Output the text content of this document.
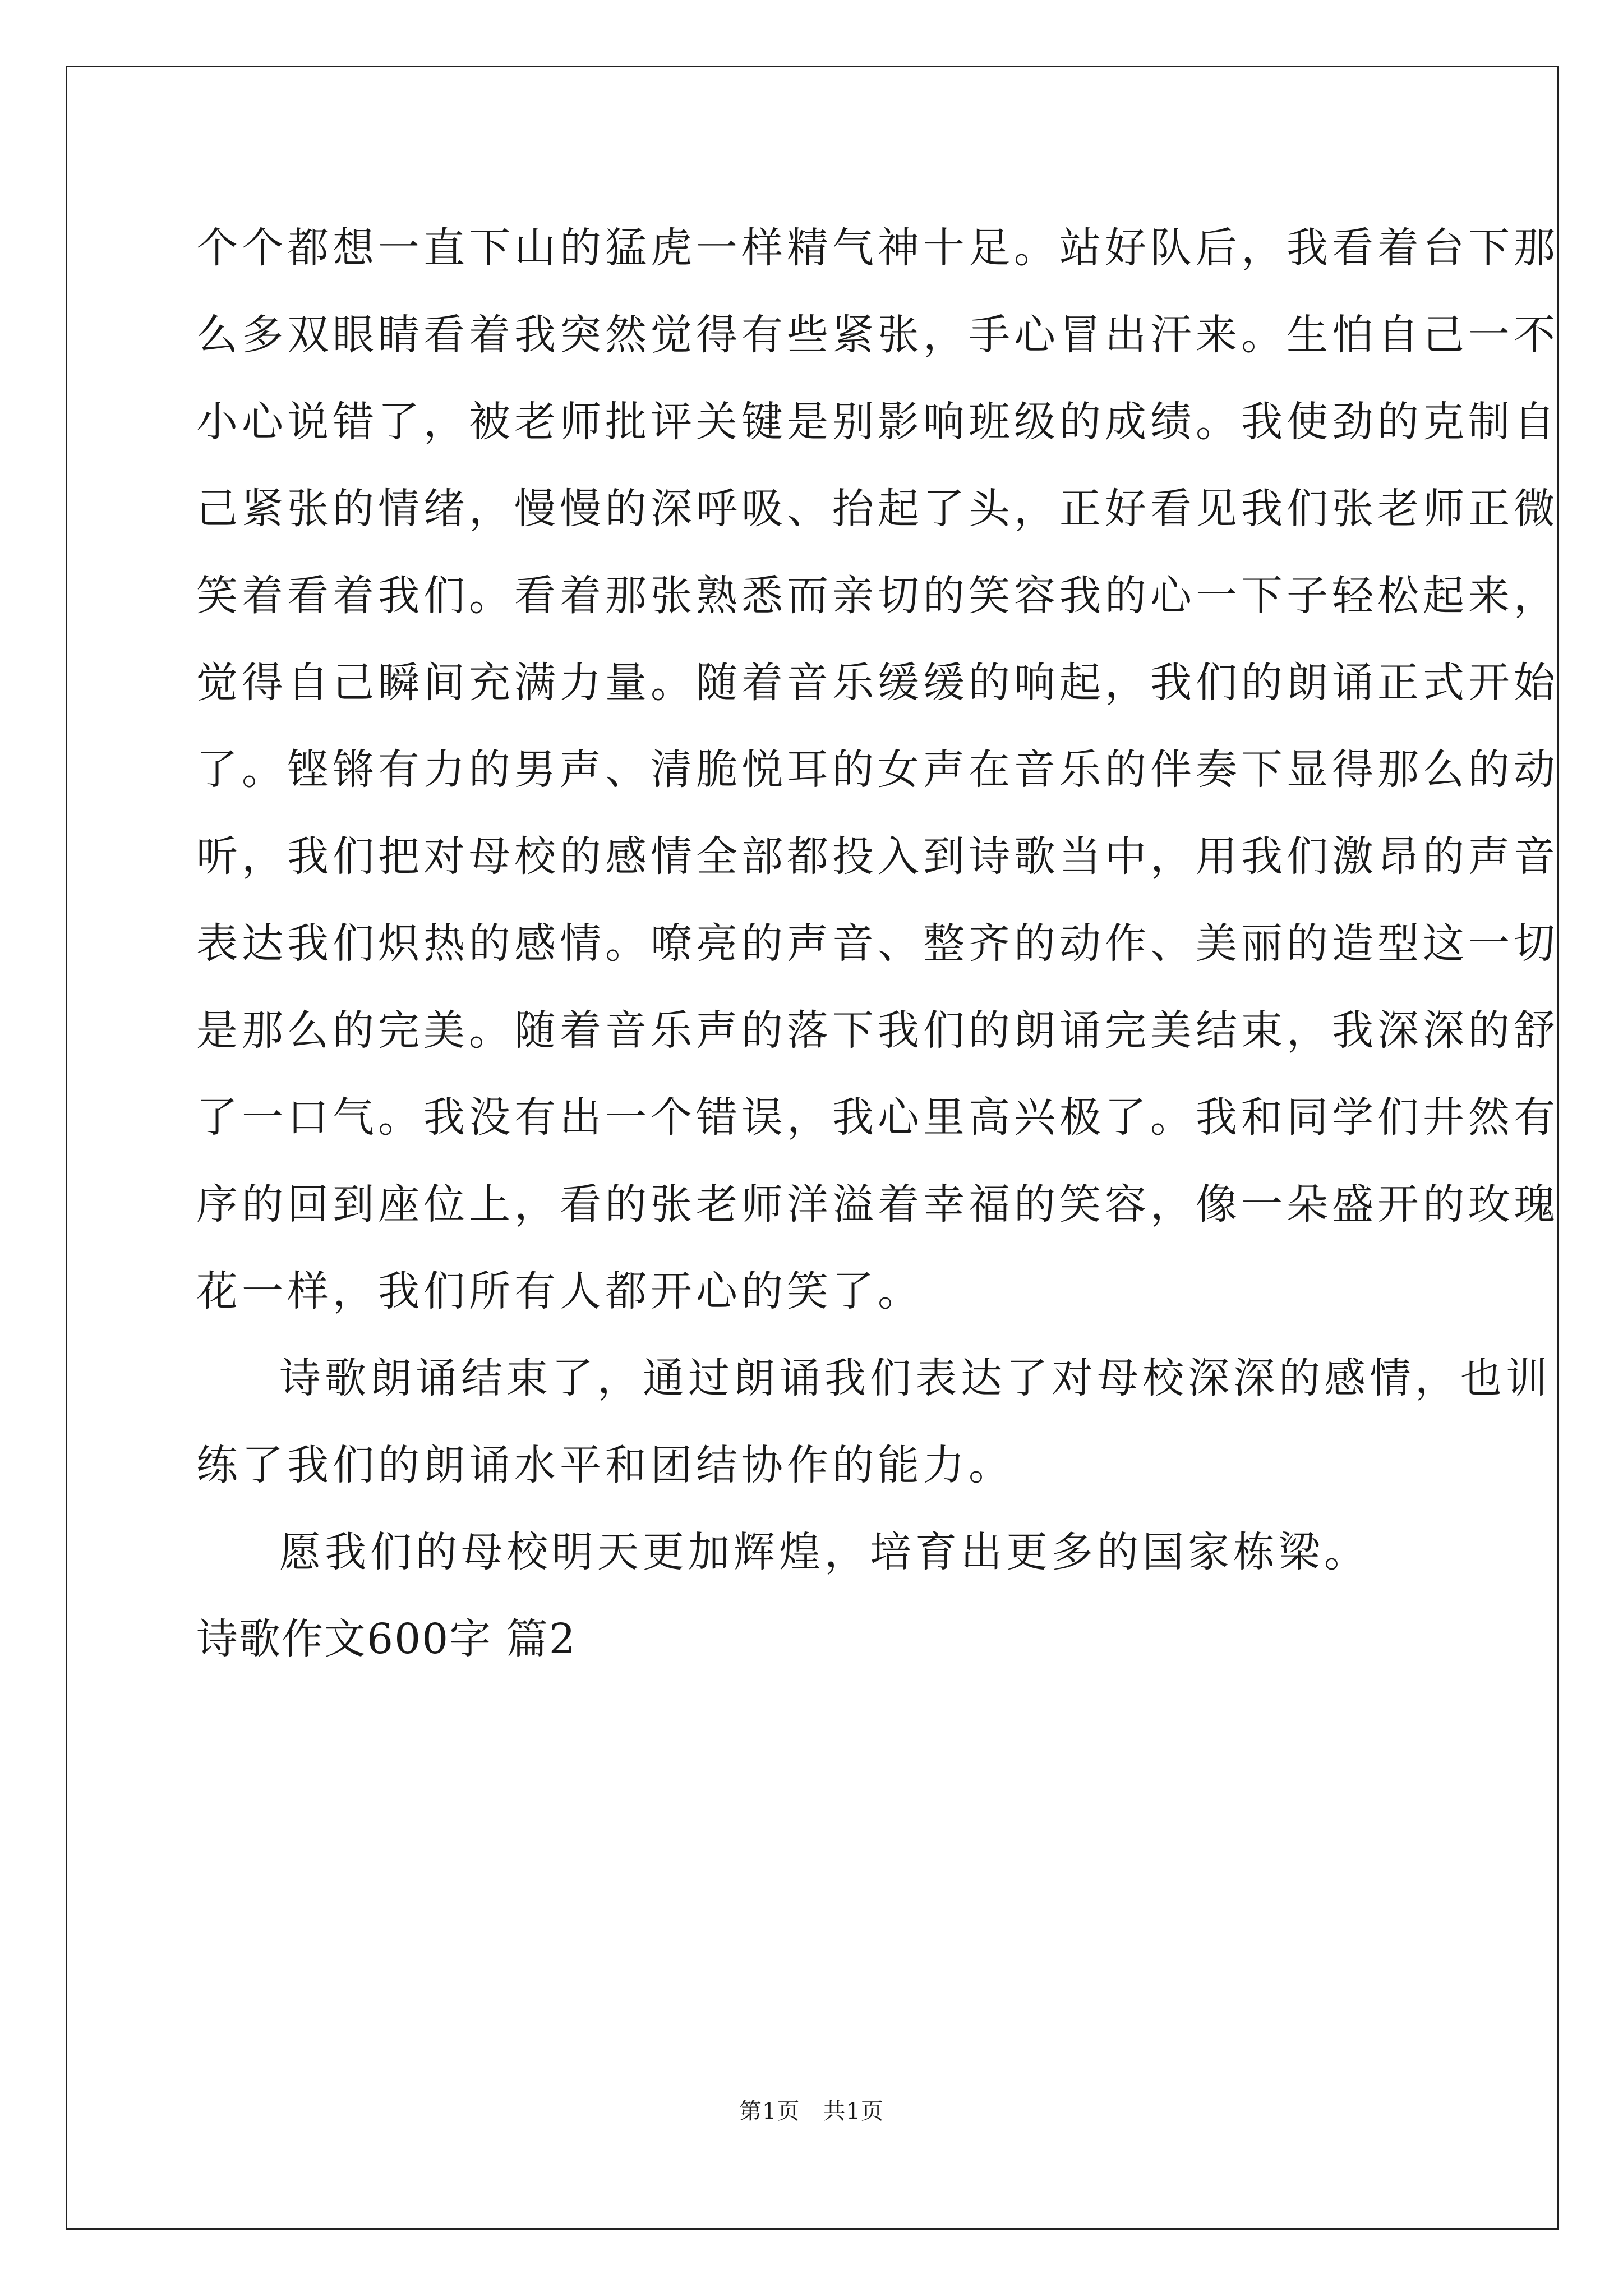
个个都想一直下山的猛虎一样精气神十足。站好队后，我看着台下那
么多双眼睛看着我突然觉得有些紧张，手心冒出汗来。生怕自己一不
小心说错了，被老师批评关键是别影响班级的成绩。我使劲的克制自
己紧张的情绪，慢慢的深呼吸、抬起了头，正好看见我们张老师正微
笑着看着我们。看着那张熟悉而亲切的笑容我的心一下子轻松起来，
觉得自己瞬间充满力量。随着音乐缓缓的响起，我们的朗诵正式开始
了。铿锵有力的男声、清脆悦耳的女声在音乐的伴奏下显得那么的动
听，我们把对母校的感情全部都投入到诗歌当中，用我们激昂的声音
表达我们炽热的感情。嘹亮的声音、整齐的动作、美丽的造型这一切
是那么的完美。随着音乐声的落下我们的朗诵完美结束，我深深的舒
了一口气。我没有出一个错误，我心里高兴极了。我和同学们井然有
序的回到座位上，看的张老师洋溢着幸福的笑容，像一朵盛开的玫瑰
花一样，我们所有人都开心的笑了。
诗歌朗诵结束了，通过朗诵我们表达了对母校深深的感情，也训
练了我们的朗诵水平和团结协作的能力。
愿我们的母校明天更加辉煌，培育出更多的国家栋梁。
诗歌作文600字 篇2
第1页　共1页
